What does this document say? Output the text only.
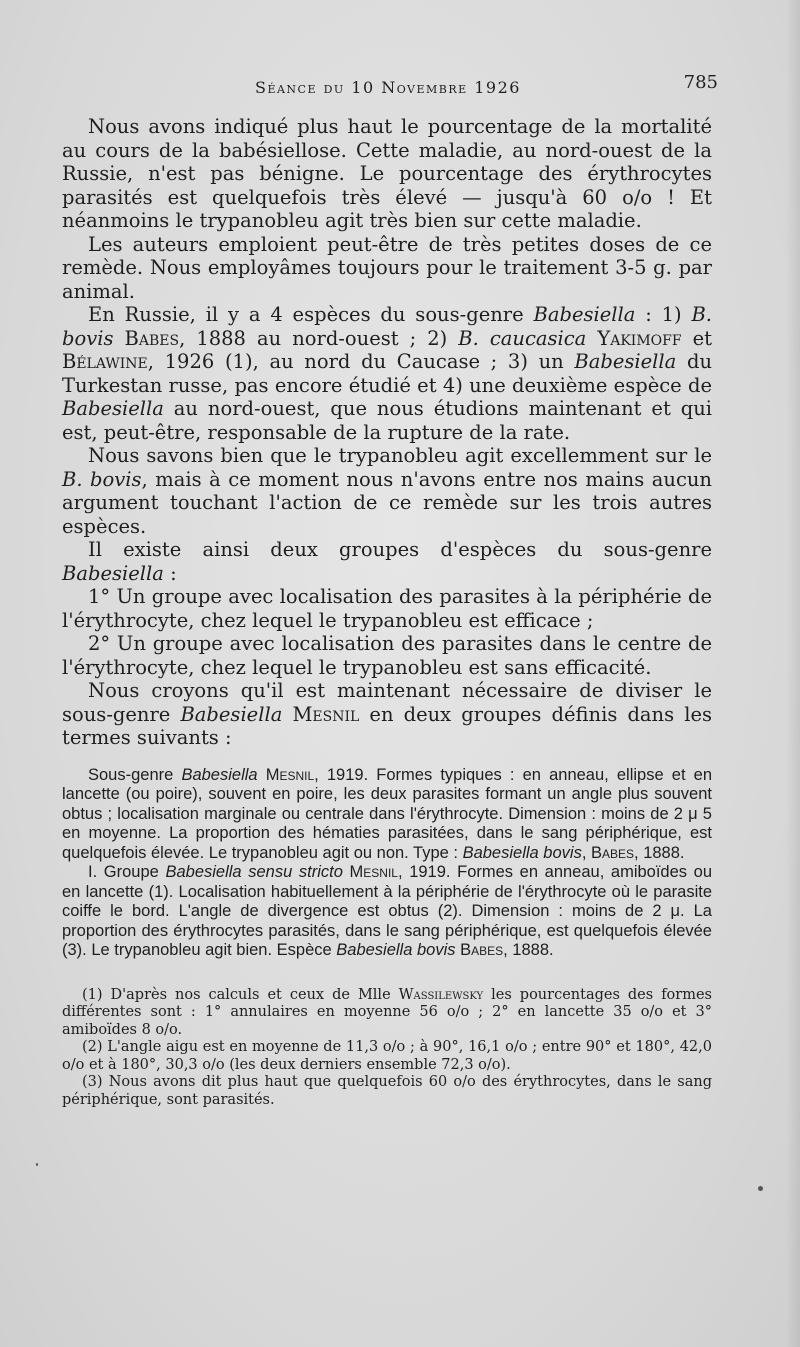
Séance du 10 Novembre 1926	785

Nous avons indiqué plus haut le pourcentage de la mortalité au cours de la babésiellose. Cette maladie, au nord-ouest de la Russie, n'est pas bénigne. Le pourcentage des érythrocytes parasités est quelquefois très élevé — jusqu'à 60 o/o ! Et néanmoins le trypanobleu agit très bien sur cette maladie.

Les auteurs emploient peut-être de très petites doses de ce remède. Nous employâmes toujours pour le traitement 3-5 g. par animal.

En Russie, il y a 4 espèces du sous-genre Babesiella : 1) B. bovis Babes, 1888 au nord-ouest ; 2) B. caucasica Yakimoff et Bélawine, 1926 (1), au nord du Caucase ; 3) un Babesiella du Turkestan russe, pas encore étudié et 4) une deuxième espèce de Babesiella au nord-ouest, que nous étudions maintenant et qui est, peut-être, responsable de la rupture de la rate.

Nous savons bien que le trypanobleu agit excellemment sur le B. bovis, mais à ce moment nous n'avons entre nos mains aucun argument touchant l'action de ce remède sur les trois autres espèces.

Il existe ainsi deux groupes d'espèces du sous-genre Babesiella :

1° Un groupe avec localisation des parasites à la périphérie de l'érythrocyte, chez lequel le trypanobleu est efficace ;

2° Un groupe avec localisation des parasites dans le centre de l'érythrocyte, chez lequel le trypanobleu est sans efficacité.

Nous croyons qu'il est maintenant nécessaire de diviser le sous-genre Babesiella Mesnil en deux groupes définis dans les termes suivants :

Sous-genre Babesiella Mesnil, 1919. Formes typiques : en anneau, ellipse et en lancette (ou poire), souvent en poire, les deux parasites formant un angle plus souvent obtus ; localisation marginale ou centrale dans l'érythrocyte. Dimension : moins de 2 μ 5 en moyenne. La proportion des hématies parasitées, dans le sang périphérique, est quelquefois élevée. Le trypanobleu agit ou non. Type : Babesiella bovis, Babes, 1888.

I. Groupe Babesiella sensu stricto Mesnil, 1919. Formes en anneau, amiboïdes ou en lancette (1). Localisation habituellement à la périphérie de l'érythrocyte où le parasite coiffe le bord. L'angle de divergence est obtus (2). Dimension : moins de 2 μ. La proportion des érythrocytes parasités, dans le sang périphérique, est quelquefois élevée (3). Le trypanobleu agit bien. Espèce Babesiella bovis Babes, 1888.

(1) D'après nos calculs et ceux de Mlle Wassilewsky les pourcentages des formes différentes sont : 1° annulaires en moyenne 56 o/o ; 2° en lancette 35 o/o et 3° amiboïdes 8 o/o.

(2) L'angle aigu est en moyenne de 11,3 o/o ; à 90°, 16,1 o/o ; entre 90° et 180°, 42,0 o/o et à 180°, 30,3 o/o (les deux derniers ensemble 72,3 o/o).

(3) Nous avons dit plus haut que quelquefois 60 o/o des érythrocytes, dans le sang périphérique, sont parasités.
